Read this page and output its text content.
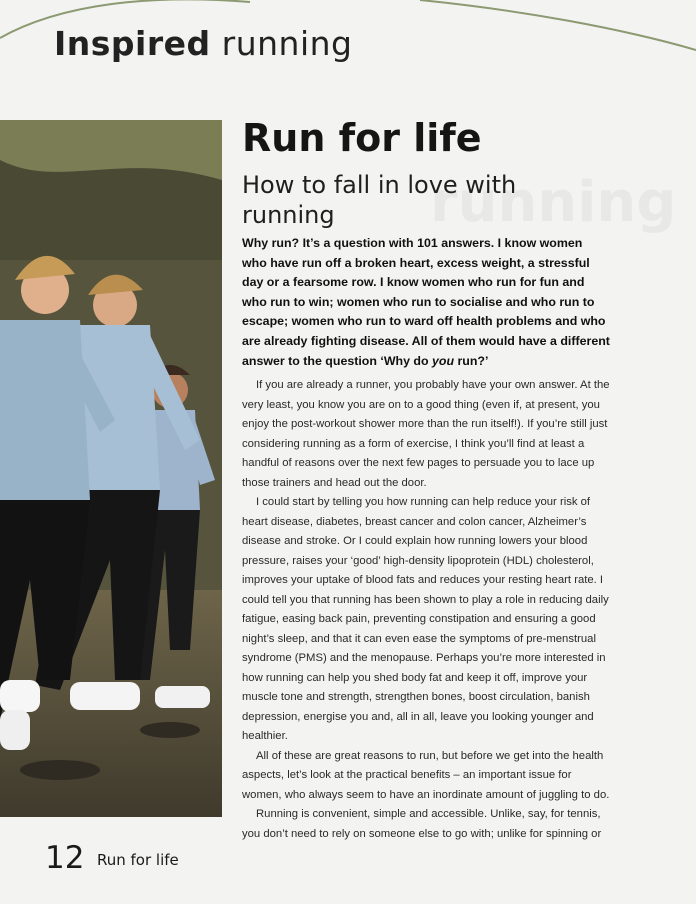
Inspired running
Run for life
How to fall in love with running

Why run? It’s a question with 101 answers. I know women who have run off a broken heart, excess weight, a stressful day or a fearsome row. I know women who run for fun and who run to win; women who run to socialise and who run to escape; women who run to ward off health problems and who are already fighting disease. All of them would have a different answer to the question ‘Why do you run?’

If you are already a runner, you probably have your own answer. At the very least, you know you are on to a good thing (even if, at present, you enjoy the post-workout shower more than the run itself!). If you’re still just considering running as a form of exercise, I think you’ll find at least a handful of reasons over the next few pages to persuade you to lace up those trainers and head out the door.

I could start by telling you how running can help reduce your risk of heart disease, diabetes, breast cancer and colon cancer, Alzheimer’s disease and stroke. Or I could explain how running lowers your blood pressure, raises your ‘good’ high-density lipoprotein (HDL) cholesterol, improves your uptake of blood fats and reduces your resting heart rate. I could tell you that running has been shown to play a role in reducing daily fatigue, easing back pain, preventing constipation and ensuring a good night’s sleep, and that it can even ease the symptoms of pre-menstrual syndrome (PMS) and the menopause. Perhaps you’re more interested in how running can help you shed body fat and keep it off, improve your muscle tone and strength, strengthen bones, boost circulation, banish depression, energise you and, all in all, leave you looking younger and healthier.

All of these are great reasons to run, but before we get into the health aspects, let’s look at the practical benefits – an important issue for women, who always seem to have an inordinate amount of juggling to do.

Running is convenient, simple and accessible. Unlike, say, for tennis, you don’t need to rely on someone else to go with; unlike for spinning or

12 Run for life
